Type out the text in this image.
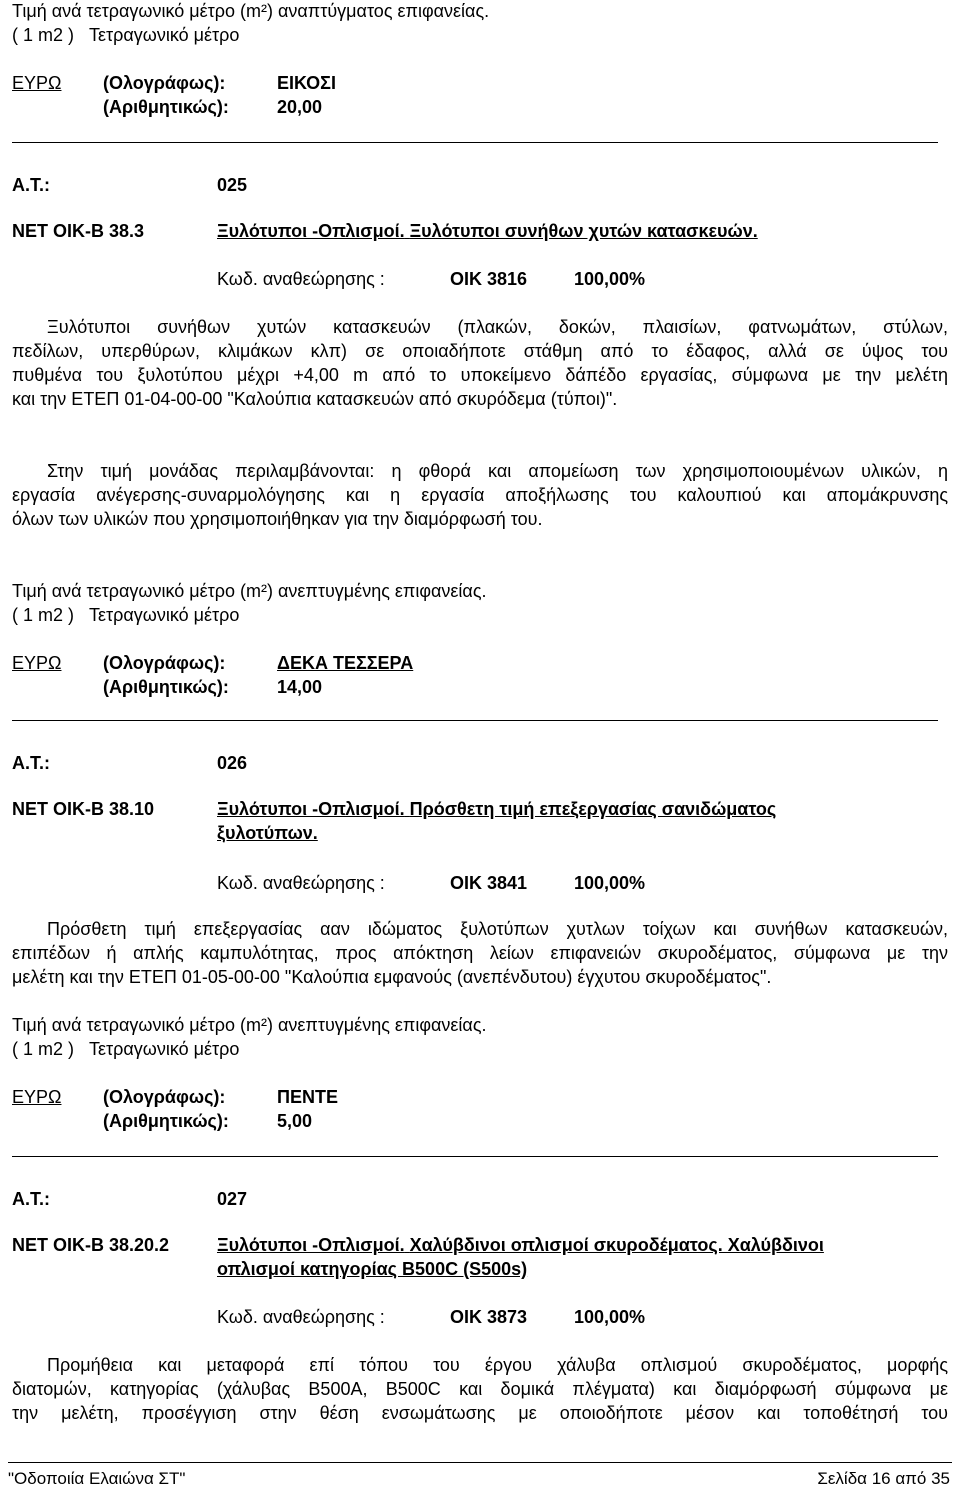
Τιμή ανά τετραγωνικό μέτρο (m²) αναπτύγματος επιφανείας.
( 1 m2 )   Τετραγωνικό μέτρο
ΕΥΡΩ (Ολογράφως):	ΕΙΚΟΣΙ
(Αριθμητικώς):	20,00
Α.Τ.:	025
ΝΕΤ ΟΙΚ-Β 38.3	Ξυλότυποι -Οπλισμοί. Ξυλότυποι συνήθων χυτών κατασκευών.
Κωδ. αναθεώρησης :	ΟΙΚ 3816	100,00%
Ξυλότυποι συνήθων χυτών κατασκευών (πλακών, δοκών, πλαισίων, φατνωμάτων, στύλων,
πεδίλων, υπερθύρων, κλιμάκων κλπ) σε οποιαδήποτε στάθμη από το έδαφος, αλλά σε ύψος του
πυθμένα του ξυλοτύπου μέχρι +4,00 m από το υποκείμενο δάπέδο εργασίας, σύμφωνα με την μελέτη
και την ΕΤΕΠ 01-04-00-00 "Καλούπια κατασκευών από σκυρόδεμα (τύποι)".
Στην τιμή μονάδας περιλαμβάνονται: η φθορά και απομείωση των χρησιμοποιουμένων υλικών, η
εργασία ανέγερσης-συναρμολόγησης και η εργασία αποξήλωσης του καλουπιού και απομάκρυνσης
όλων των υλικών που χρησιμοποιήθηκαν για την διαμόρφωσή του.
Τιμή ανά τετραγωνικό μέτρο (m²) ανεπτυγμένης επιφανείας.
( 1 m2 )   Τετραγωνικό μέτρο
ΕΥΡΩ (Ολογράφως):	ΔΕΚΑ ΤΕΣΣΕΡΑ
(Αριθμητικώς):	14,00
Α.Τ.:	026
ΝΕΤ ΟΙΚ-Β 38.10	Ξυλότυποι -Οπλισμοί. Πρόσθετη τιμή επεξεργασίας σανιδώματος
ξυλοτύπων.
Κωδ. αναθεώρησης :	ΟΙΚ 3841	100,00%
Πρόσθετη τιμή επεξεργασίας ααν ιδώματος ξυλοτύπων χυτλων τοίχων και συνήθων κατασκευών,
επιπέδων ή απλής καμπυλότητας, προς απόκτηση λείων επιφανειών σκυροδέματος, σύμφωνα με την
μελέτη και την ΕΤΕΠ 01-05-00-00 "Καλούπια εμφανούς (ανεπένδυτου) έγχυτου σκυροδέματος".
Τιμή ανά τετραγωνικό μέτρο (m²) ανεπτυγμένης επιφανείας.
( 1 m2 )   Τετραγωνικό μέτρο
ΕΥΡΩ (Ολογράφως):	ΠΕΝΤΕ
(Αριθμητικώς):	5,00
Α.Τ.:	027
ΝΕΤ ΟΙΚ-Β 38.20.2	Ξυλότυποι -Οπλισμοί. Χαλύβδινοι οπλισμοί σκυροδέματος. Χαλύβδινοι
οπλισμοί κατηγορίας B500C (S500s)
Κωδ. αναθεώρησης :	ΟΙΚ 3873	100,00%
Προμήθεια και μεταφορά επί τόπου του έργου χάλυβα οπλισμού σκυροδέματος, μορφής
διατομών, κατηγορίας (χάλυβας B500A, B500C και δομικά πλέγματα) και διαμόρφωσή σύμφωνα με
την μελέτη, προσέγγιση στην θέση ενσωμάτωσης με οποιοδήποτε μέσον και τοποθέτησή του
"Οδοποιία Ελαιώνα ΣΤ"	Σελίδα 16 από 35
